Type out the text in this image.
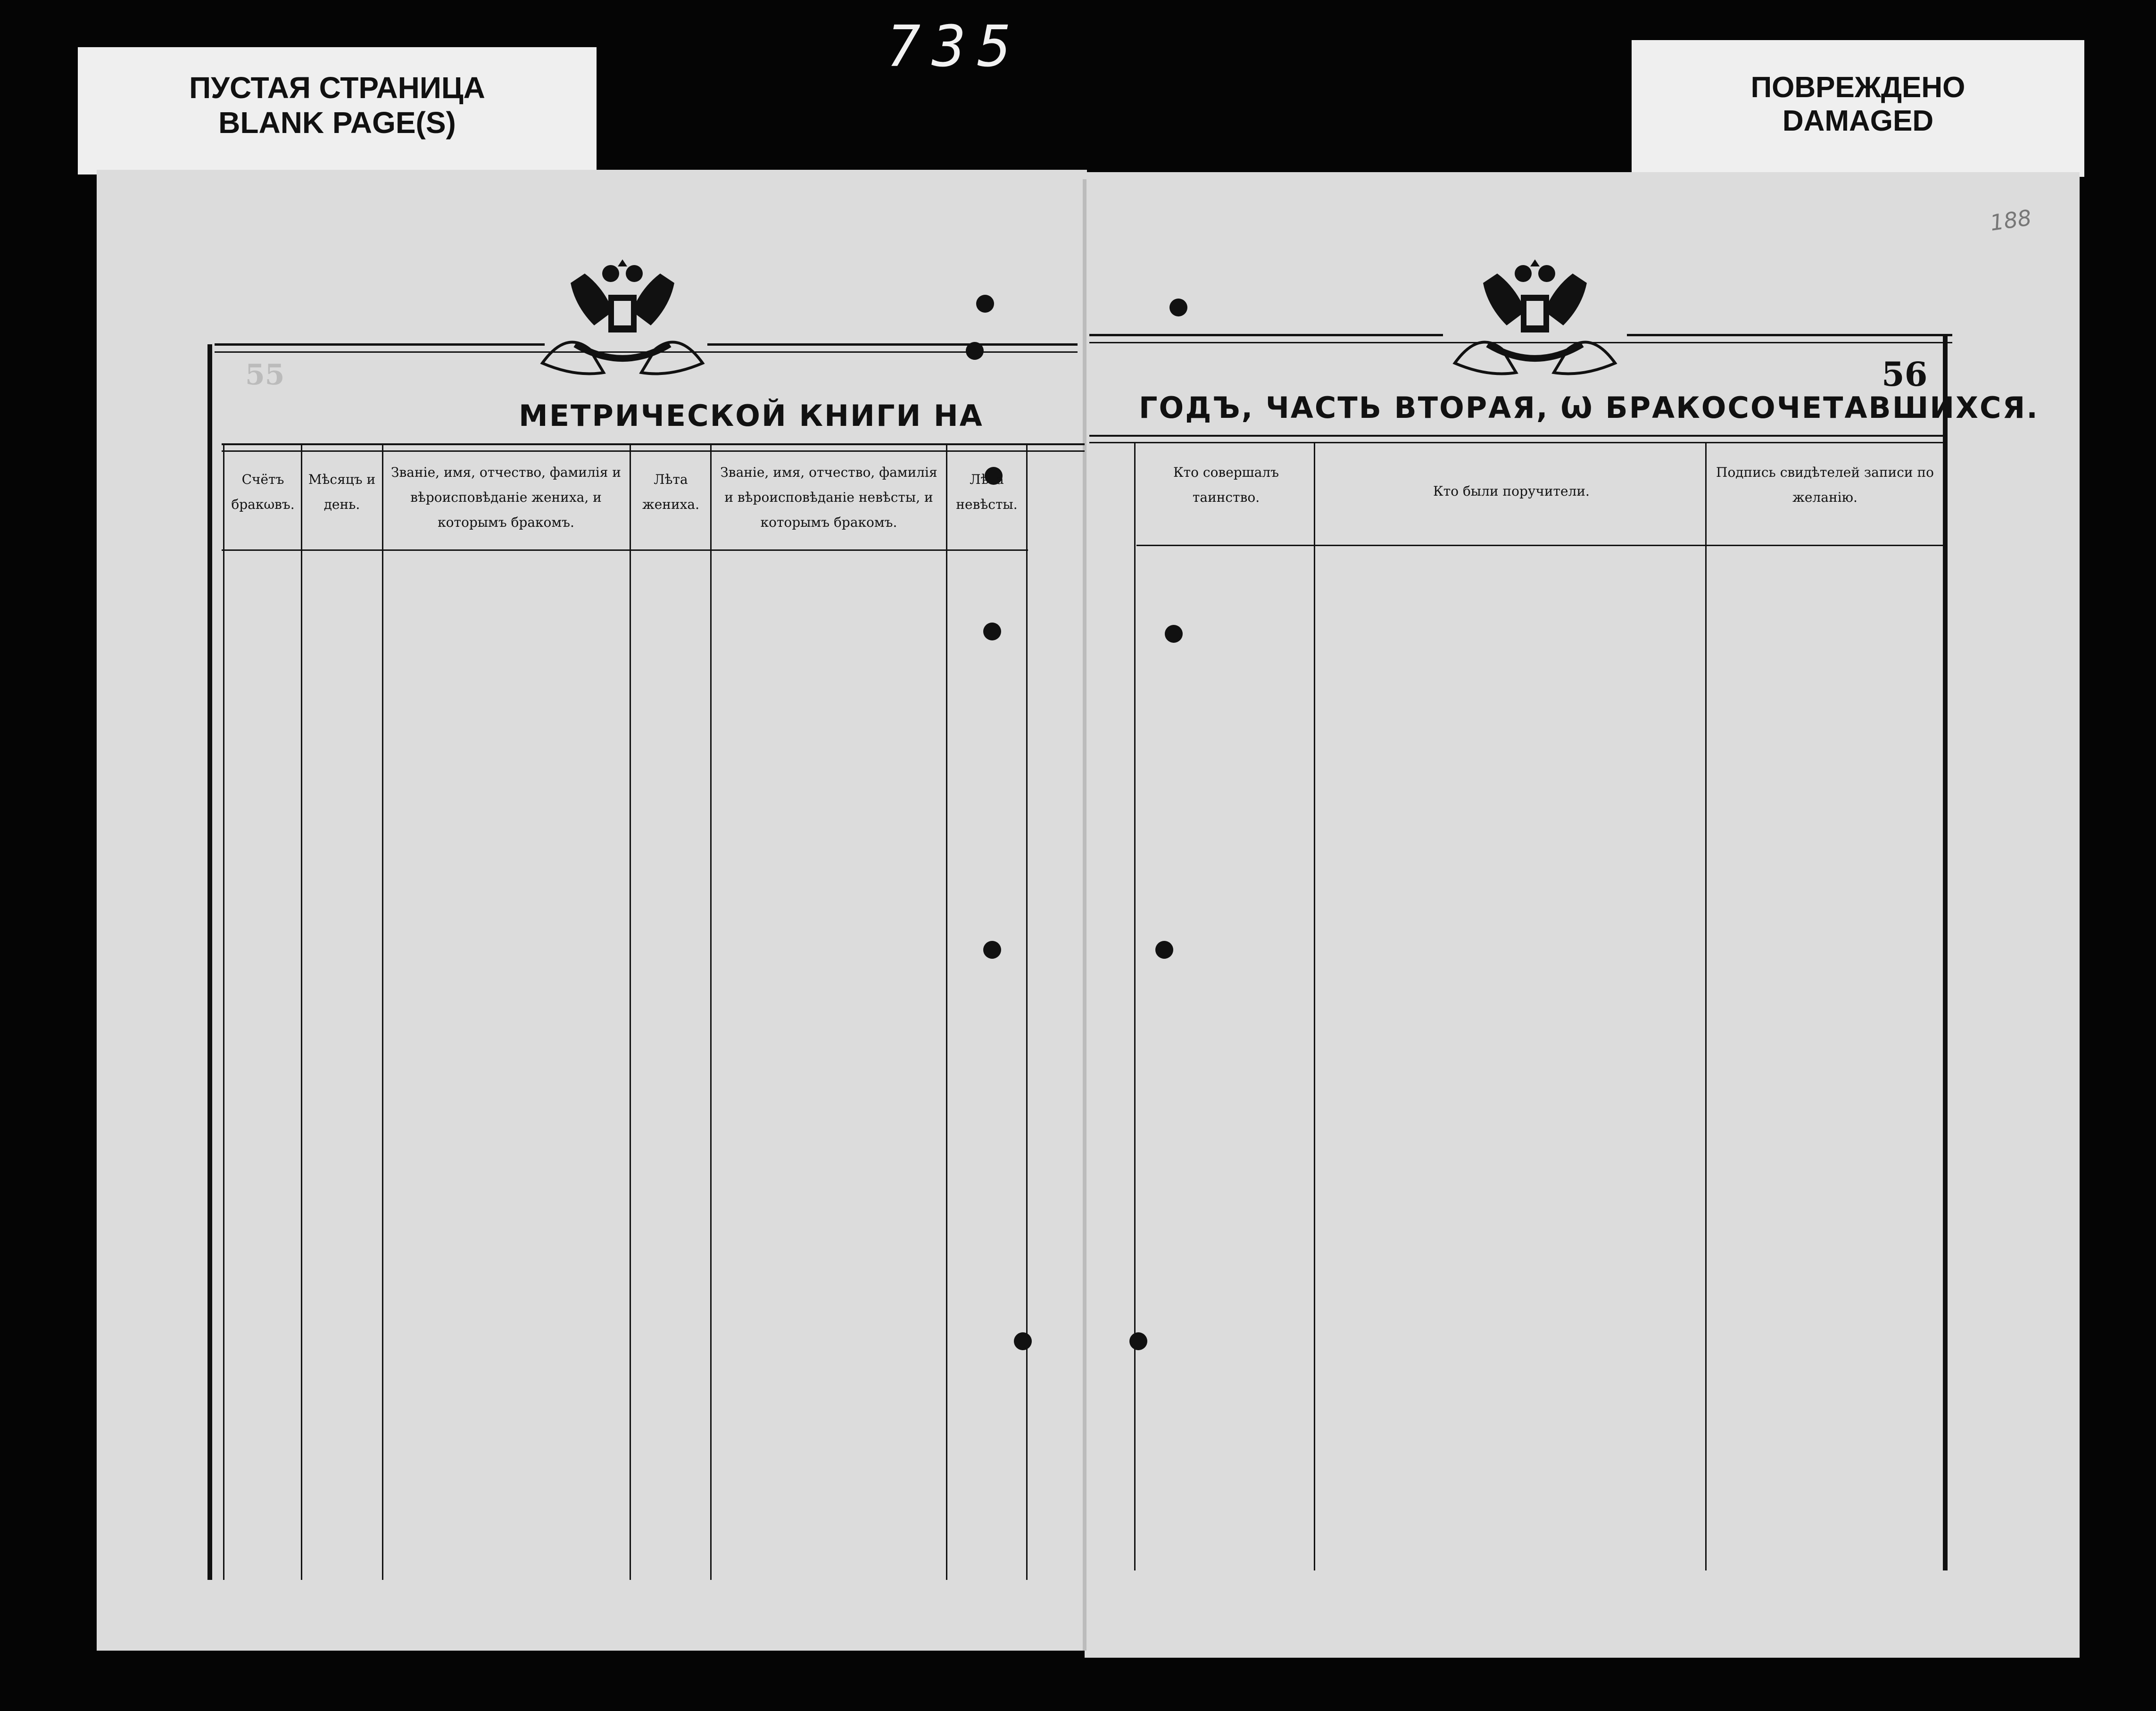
735
ПУСТАЯ СТРАНИЦА
BLANK PAGE(S)
ПОВРЕЖДЕНО
DAMAGED
55
МЕТРИЧЕСКОЙ КНИГИ НА	ГОДЪ, ЧАСТЬ ВТОРАЯ, Ѡ БРАКОСОЧЕТАВШИХСЯ.
56
188
Счётъ бракωвъ.
Мѣсяцъ и день.
Званіе, имя, отчество, фамилія и вѣроисповѣданіе жениха, и которымъ бракомъ.
Лѣта жениха.
Званіе, имя, отчество, фамилія и вѣроисповѣданіе невѣсты, и которымъ бракомъ.
Лѣта невѣсты.
Кто совершалъ таинство.	Кто были поручители.
Подпись свидѣтелей записи по желанію.
